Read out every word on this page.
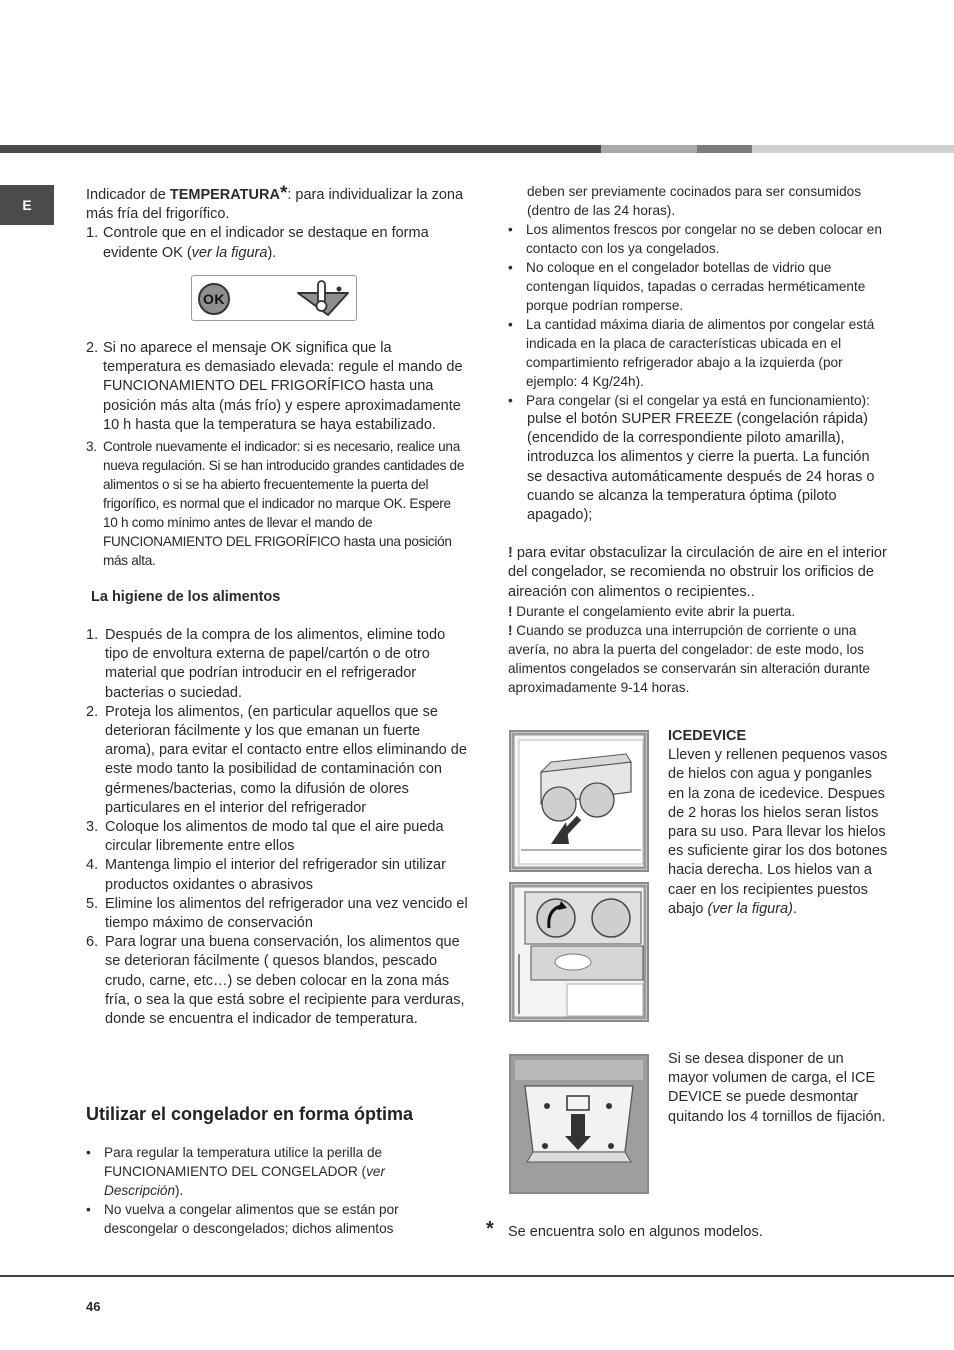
E

Indicador de TEMPERATURA*: para individualizar la zona más fría del frigorífico.

1. Controle que en el indicador se destaque en forma evidente OK (ver la figura).
OK
2. Si no aparece el mensaje OK significa que la temperatura es demasiado elevada: regule el mando de FUNCIONAMIENTO DEL FRIGORÍFICO hasta una posición más alta (más frío) y espere aproximadamente 10 h hasta que la temperatura se haya estabilizado.
3. Controle nuevamente el indicador: si es necesario, realice una nueva regulación. Si se han introducido grandes cantidades de alimentos o si se ha abierto frecuentemente la puerta del frigorífico, es normal que el indicador no marque OK. Espere 10 h como mínimo antes de llevar el mando de FUNCIONAMIENTO DEL FRIGORÍFICO hasta una posición más alta.

La higiene de los alimentos

1. Después de la compra de los alimentos, elimine todo tipo de envoltura externa de papel/cartón o de otro material que podrían introducir en el refrigerador bacterias o suciedad.
2. Proteja los alimentos, (en particular aquellos que se deterioran fácilmente y los que emanan un fuerte aroma), para evitar el contacto entre ellos eliminando de este modo tanto la posibilidad de contaminación con gérmenes/bacterias, como la difusión de olores particulares en el interior del refrigerador
3. Coloque los alimentos de modo tal que el aire pueda circular libremente entre ellos
4. Mantenga limpio el interior del refrigerador sin utilizar productos oxidantes o abrasivos
5. Elimine los alimentos del refrigerador una vez vencido el tiempo máximo de conservación
6. Para lograr una buena conservación, los alimentos que se deterioran fácilmente ( quesos blandos, pescado crudo, carne, etc…) se deben colocar en la zona más fría, o sea la que está sobre el recipiente para verduras, donde se encuentra el indicador de temperatura.

Utilizar el congelador en forma óptima

• Para regular la temperatura utilice la perilla de FUNCIONAMIENTO DEL CONGELADOR (ver Descripción).
• No vuelva a congelar alimentos que se están por descongelar o descongelados; dichos alimentos

deben ser previamente cocinados para ser consumidos (dentro de las 24 horas).

• Los alimentos frescos por congelar no se deben colocar en contacto con los ya congelados.
• No coloque en el congelador botellas de vidrio que contengan líquidos, tapadas o cerradas herméticamente porque podrían romperse.
• La cantidad máxima diaria de alimentos por congelar está indicada en la placa de características ubicada en el compartimiento refrigerador abajo a la izquierda (por ejemplo: 4 Kg/24h).
• Para congelar (si el congelar ya está en funcionamiento):

pulse el botón SUPER FREEZE (congelación rápida) (encendido de la correspondiente piloto amarilla), introduzca los alimentos y cierre la puerta. La función se desactiva automáticamente después de 24 horas o cuando se alcanza la temperatura óptima (piloto apagado);

! para evitar obstaculizar la circulación de aire en el interior del congelador, se recomienda no obstruir los orificios de aireación con alimentos o recipientes..

! Durante el congelamiento evite abrir la puerta.

! Cuando se produzca una interrupción de corriente o una avería, no abra la puerta del congelador: de este modo, los alimentos congelados se conservarán sin alteración durante aproximadamente 9-14 horas.

ICEDEVICE

Lleven y rellenen pequenos vasos de hielos con agua y ponganles en la zona de icedevice. Despues de 2 horas los hielos seran listos para su uso. Para llevar los hielos es suficiente girar los dos botones hacia derecha. Los hielos van a caer en los recipientes puestos abajo (ver la figura).

Si se desea disponer de un mayor volumen de carga, el ICE DEVICE se puede desmontar quitando los 4 tornillos de fijación.

* Se encuentra solo en algunos modelos.
46
